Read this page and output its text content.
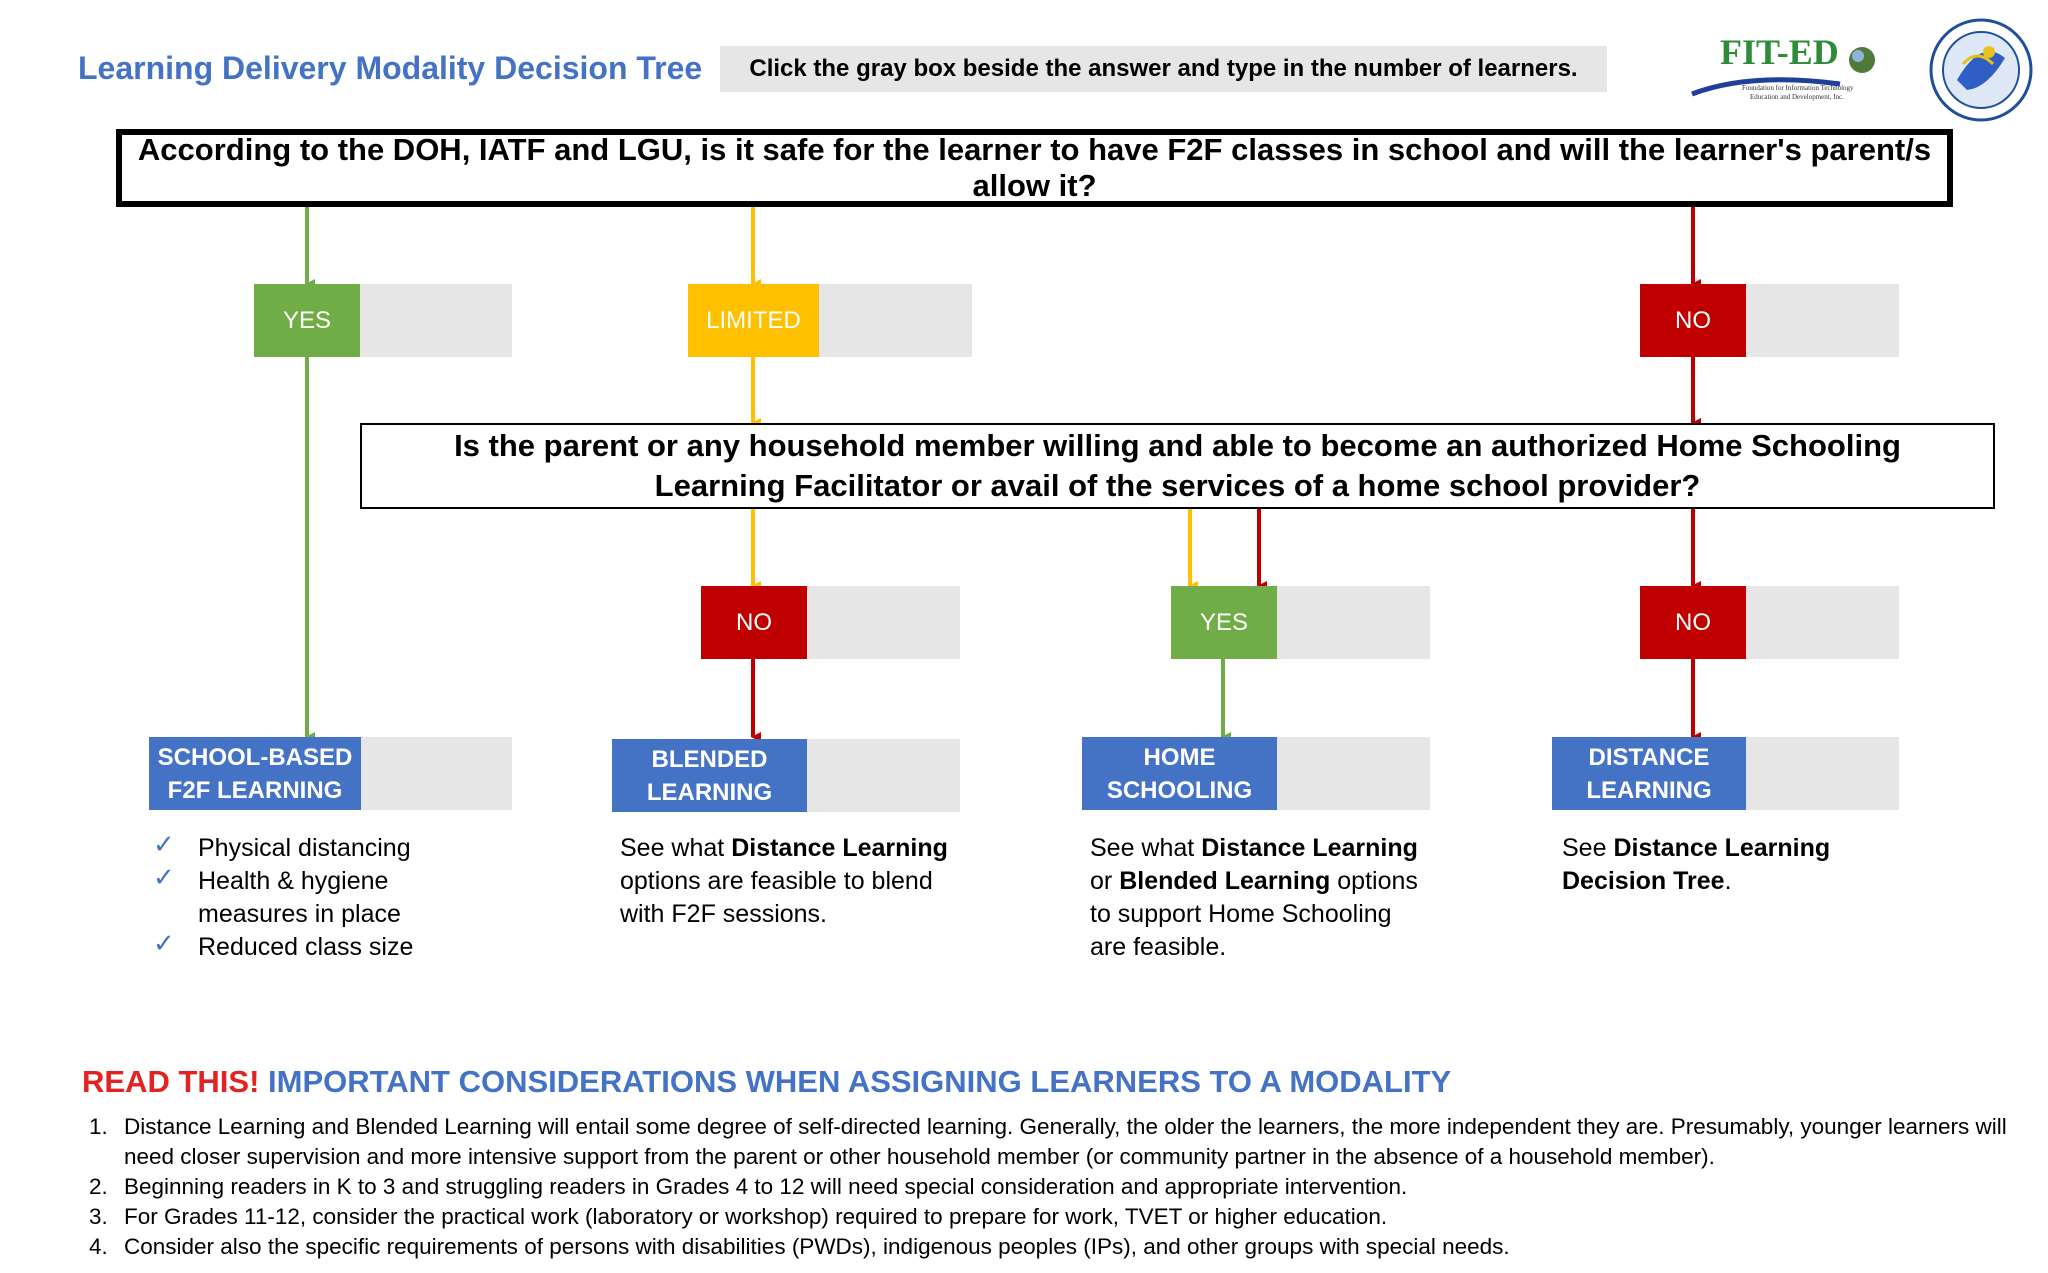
Learning Delivery Modality Decision Tree	Click the gray box beside the answer and type in the number of learners.	FIT-ED
Foundation for Information Technology
Education and Development, Inc.
According to the DOH, IATF and LGU, is it safe for the learner to have F2F classes in school and will the learner's parent/s allow it?
YES	LIMITED	NO
Is the parent or any household member willing and able to become an authorized Home Schooling Learning Facilitator or avail of the services of a home school provider?
NO	YES	NO
SCHOOL-BASED
F2F LEARNING
BLENDED
LEARNING
HOME
SCHOOLING
DISTANCE
LEARNING
✓ Physical distancing
✓ Health & hygiene measures in place
✓ Reduced class size
See what Distance Learning options are feasible to blend with F2F sessions.
See what Distance Learning or Blended Learning options to support Home Schooling are feasible.
See Distance Learning Decision Tree.
READ THIS! IMPORTANT CONSIDERATIONS WHEN ASSIGNING LEARNERS TO A MODALITY
1. Distance Learning and Blended Learning will entail some degree of self-directed learning. Generally, the older the learners, the more independent they are. Presumably, younger learners will need closer supervision and more intensive support from the parent or other household member (or community partner in the absence of a household member).
2. Beginning readers in K to 3 and struggling readers in Grades 4 to 12 will need special consideration and appropriate intervention.
3. For Grades 11-12, consider the practical work (laboratory or workshop) required to prepare for work, TVET or higher education.
4. Consider also the specific requirements of persons with disabilities (PWDs), indigenous peoples (IPs), and other groups with special needs.
